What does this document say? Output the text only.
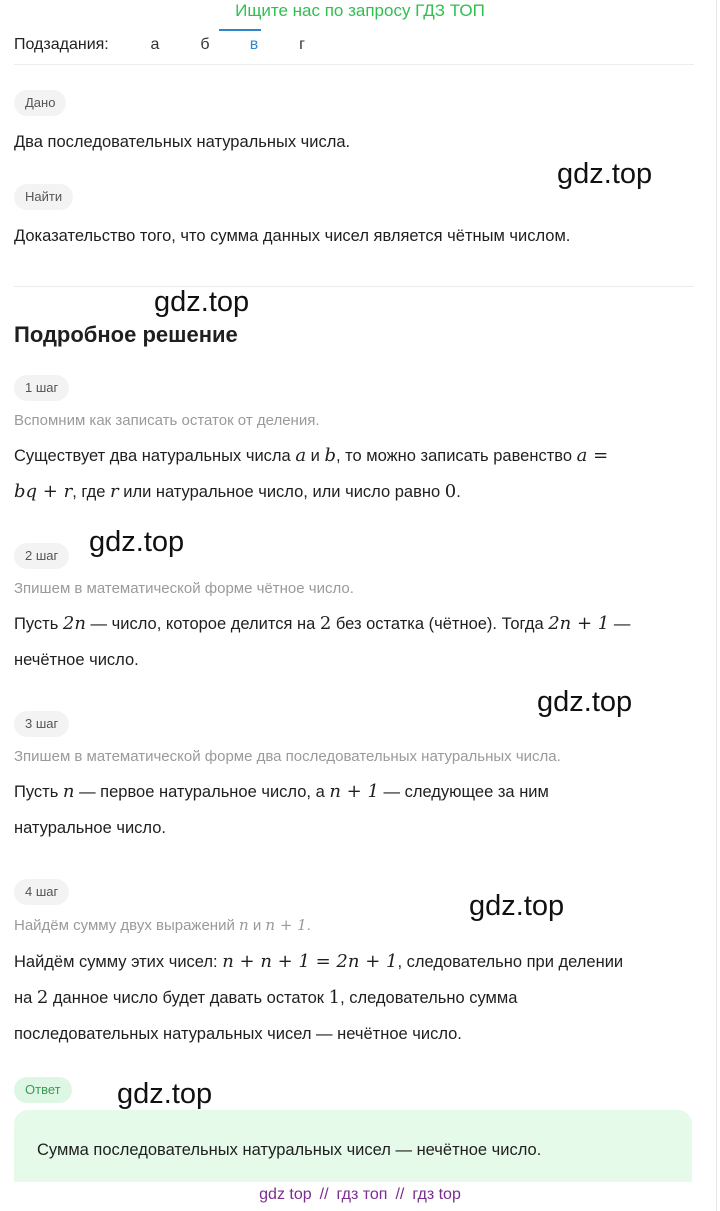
Ищите нас по запросу ГДЗ ТОП
Подзадания:	а	б	в	г
Дано
Два последовательных натуральных числа.
Найти
Доказательство того, что сумма данных чисел является чётным числом.
Подробное решение
1 шаг
Вспомним как записать остаток от деления.
Существует два натуральных числа a и b, то можно записать равенство a =
bq + r, где r или натуральное число, или число равно 0.
2 шаг
Зпишем в математической форме чётное число.
Пусть 2n — число, которое делится на 2 без остатка (чётное). Тогда 2n + 1 —
нечётное число.
3 шаг
Зпишем в математической форме два последовательных натуральных числа.
Пусть n — первое натуральное число, а n + 1 — следующее за ним
натуральное число.
4 шаг
Найдём сумму двух выражений n и n + 1.
Найдём сумму этих чисел: n + n + 1 = 2n + 1, следовательно при делении
на 2 данное число будет давать остаток 1, следовательно сумма
последовательных натуральных чисел — нечётное число.
Ответ
Сумма последовательных натуральных чисел — нечётное число.
gdz.top
gdz.top
gdz.top
gdz.top
gdz.top
gdz.top
gdz top // гдз топ // гдз top
